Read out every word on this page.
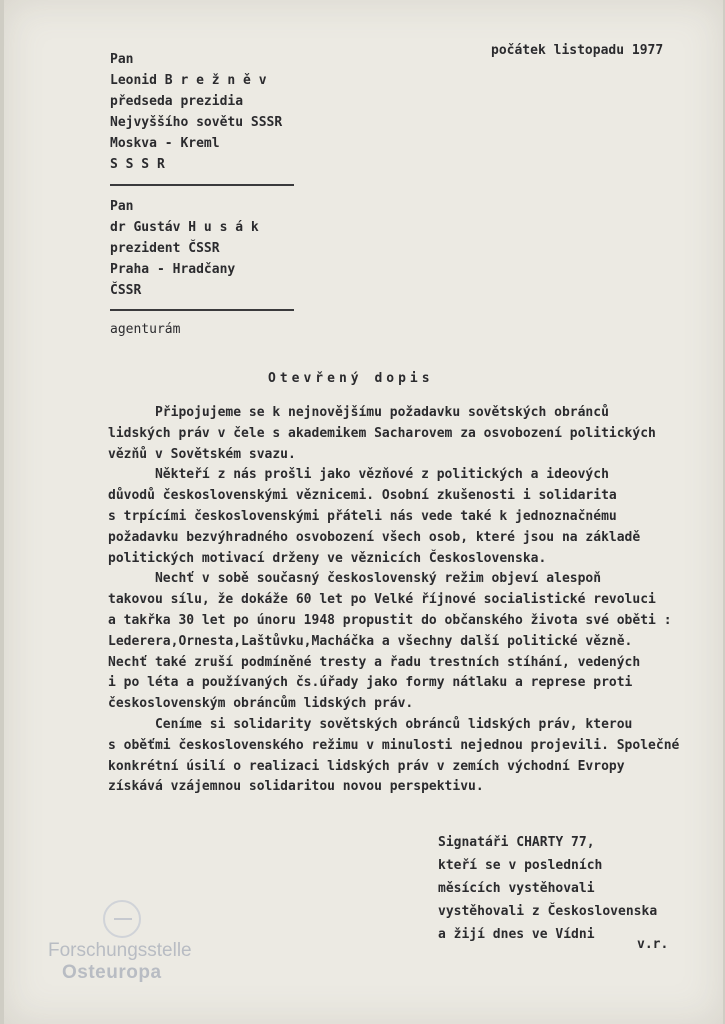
počátek listopadu 1977
Pan
Leonid B r e ž n ě v
předseda prezidia
Nejvyššího sovětu SSSR
Moskva - Kreml
S S S R
Pan
dr Gustáv H u s á k
prezident ČSSR
Praha - Hradčany
ČSSR
agenturám
Otevřený dopis
Připojujeme se k nejnovějšímu požadavku sovětských obránců
lidských práv v čele s akademikem Sacharovem za osvobození politických
vězňů v Sovětském svazu.
Někteří z nás prošli jako vězňové z politických a ideových
důvodů československými věznicemi. Osobní zkušenosti i solidarita
s trpícími československými přáteli nás vede také k jednoznačnému
požadavku bezvýhradného osvobození všech osob, které jsou na základě
politických motivací drženy ve věznicích Československa.
Nechť v sobě současný československý režim objeví alespoň
takovou sílu, že dokáže 60 let po Velké říjnové socialistické revoluci
a takřka 30 let po únoru 1948 propustit do občanského života své oběti :
Lederera,Ornesta,Laštůvku,Macháčka a všechny další politické vězně.
Nechť také zruší podmíněné tresty a řadu trestních stíhání, vedených
i po léta a používaných čs.úřady jako formy nátlaku a represe proti
československým obráncům lidských práv.
Ceníme si solidarity sovětských obránců lidských práv, kterou
s oběťmi československého režimu v minulosti nejednou projevili. Společné
konkrétní úsilí o realizaci lidských práv v zemích východní Evropy
získává vzájemnou solidaritou novou perspektivu.
Signatáři CHARTY 77,
kteří se v posledních
měsících vystěhovali
vystěhovali z Československa
a žijí dnes ve Vídni
v.r.
Forschungsstelle
Osteuropa
